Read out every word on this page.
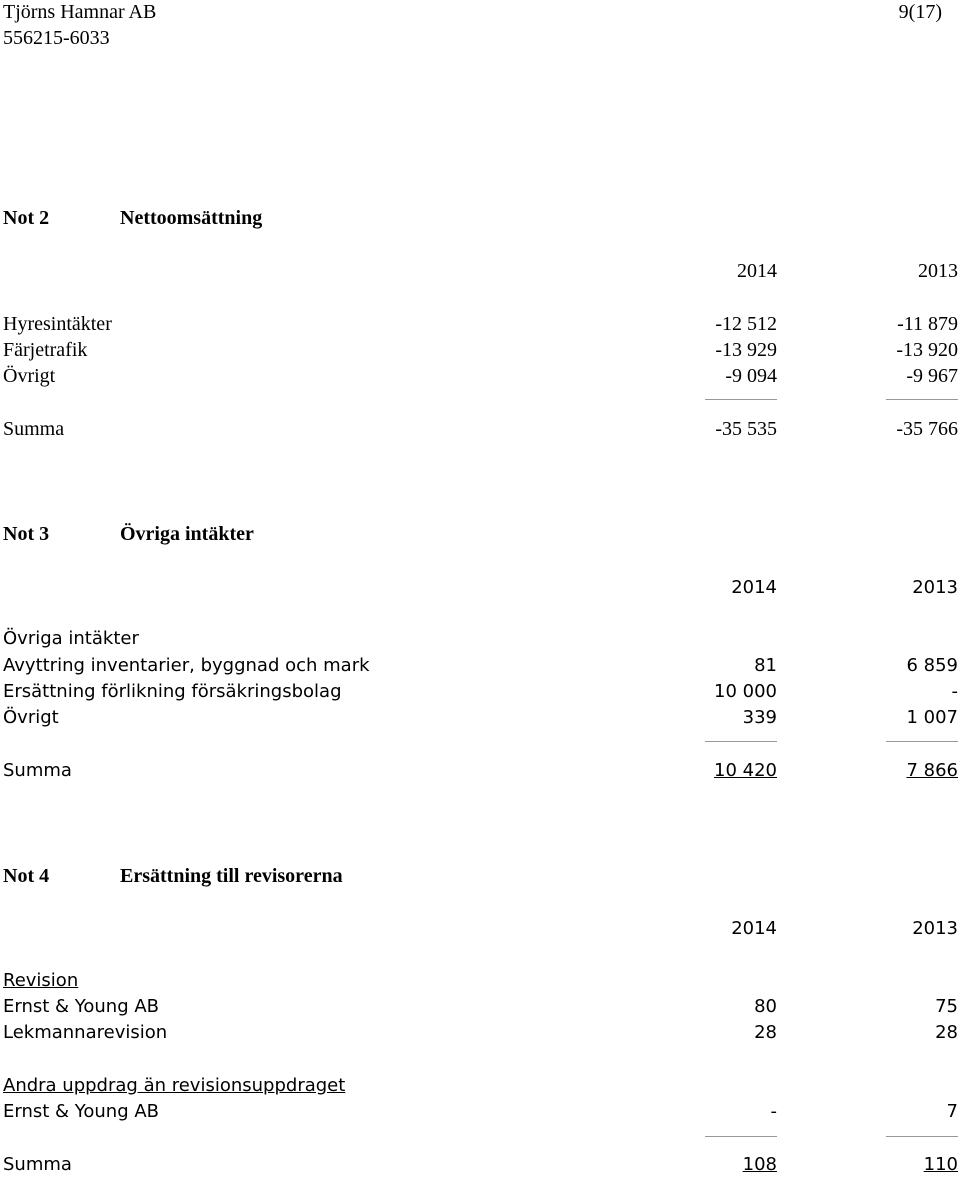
Tjörns Hamnar AB
556215-6033
9(17)
Not 2	Nettoomsättning
2014	2013
Hyresintäkter	-12 512	-11 879
Färjetrafik	-13 929	-13 920
Övrigt	-9 094	-9 967
Summa	-35 535	-35 766
Not 3	Övriga intäkter
2014	2013
Övriga intäkter
Avyttring inventarier, byggnad och mark	81	6 859
Ersättning förlikning försäkringsbolag	10 000	-
Övrigt	339	1 007
Summa	10 420	7 866
Not 4	Ersättning till revisorerna
2014	2013
Revision
Ernst & Young AB	80	75
Lekmannarevision	28	28
Andra uppdrag än revisionsuppdraget
Ernst & Young AB	-	7
Summa	108	110
